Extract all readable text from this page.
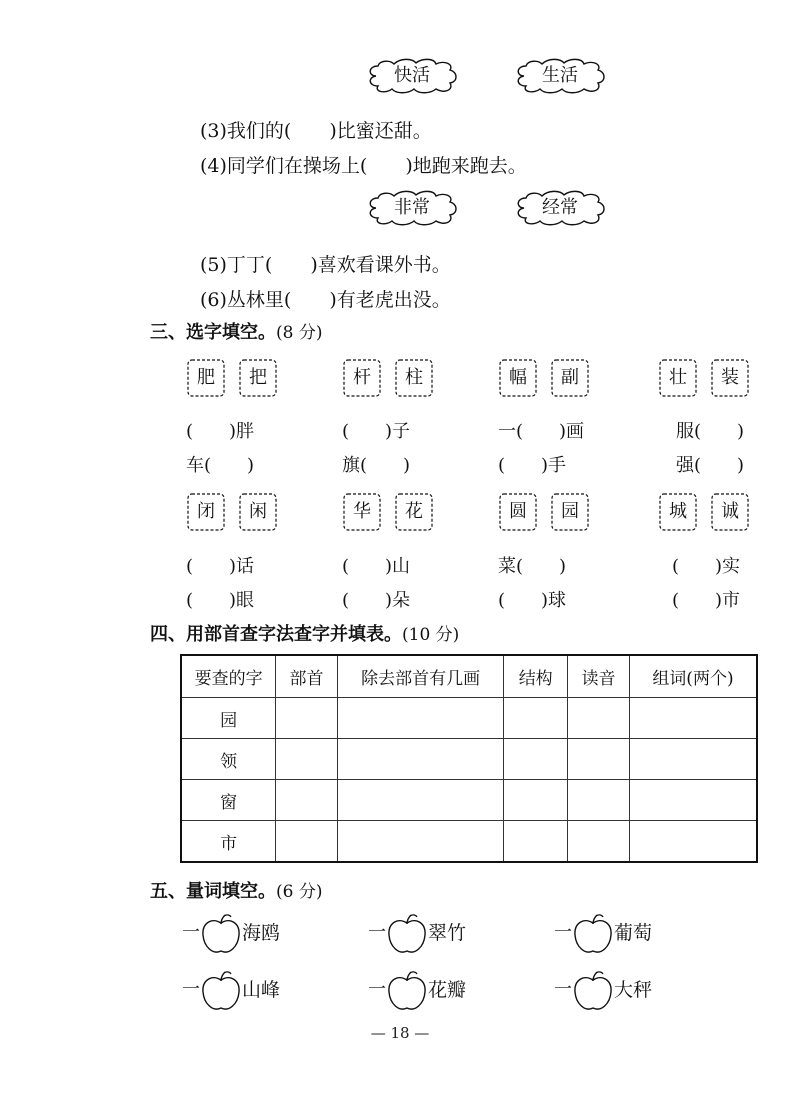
快活	生活
(3)我们的(　　)比蜜还甜。
(4)同学们在操场上(　　)地跑来跑去。
非常	经常
(5)丁丁(　　)喜欢看课外书。
(6)丛林里(　　)有老虎出没。
三、选字填空。(8 分)
肥	把	杆	柱	幅	副	壮	装
(　　)胖
车(　　)
(　　)子
旗(　　)
一(　　)画
(　　)手
服(　　)
强(　　)
闭	闲	华	花	圆	园	城	诚
(　　)话
(　　)眼
(　　)山
(　　)朵
菜(　　)
(　　)球
(　　)实
(　　)市
四、用部首查字法查字并填表。(10 分)
要查的字	部首	除去部首有几画	结构	读音	组词(两个)
园					
领					
窗					
市					
五、量词填空。(6 分)
一 海鸥	一 翠竹	一 葡萄
一 山峰	一 花瓣	一 大秤
— 18 —
